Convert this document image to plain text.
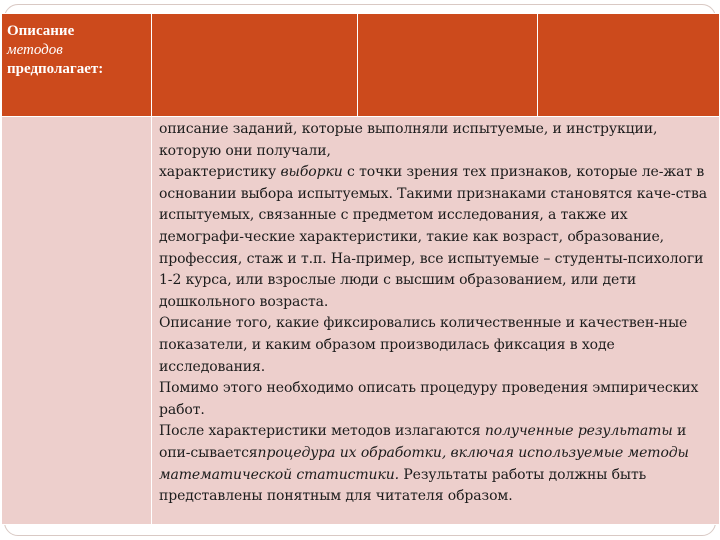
Описание
методов
предполагает:			

	описание заданий, которые выполняли испытуемые, и инструкции, которую они получали,

характеристику выборки с точки зрения тех признаков, которые ле-жат в основании выбора испытуемых. Такими признаками становятся каче-ства испытуемых, связанные с предметом исследования, а также их демографи-ческие характеристики, такие как возраст, образование, профессия, стаж и т.п. На-пример, все испытуемые – студенты-психологи 1-2 курса, или взрослые люди с высшим образованием, или дети дошкольного возраста.

Описание того, какие фиксировались количественные и качествен-ные показатели, и каким образом производилась фиксация в ходе исследования.

Помимо этого необходимо описать процедуру проведения эмпирических работ.

После характеристики методов излагаются полученные результаты и опи-сываетсяпроцедура их обработки, включая используемые методы математической статистики. Результаты работы должны быть представлены понятным для читателя образом.		
